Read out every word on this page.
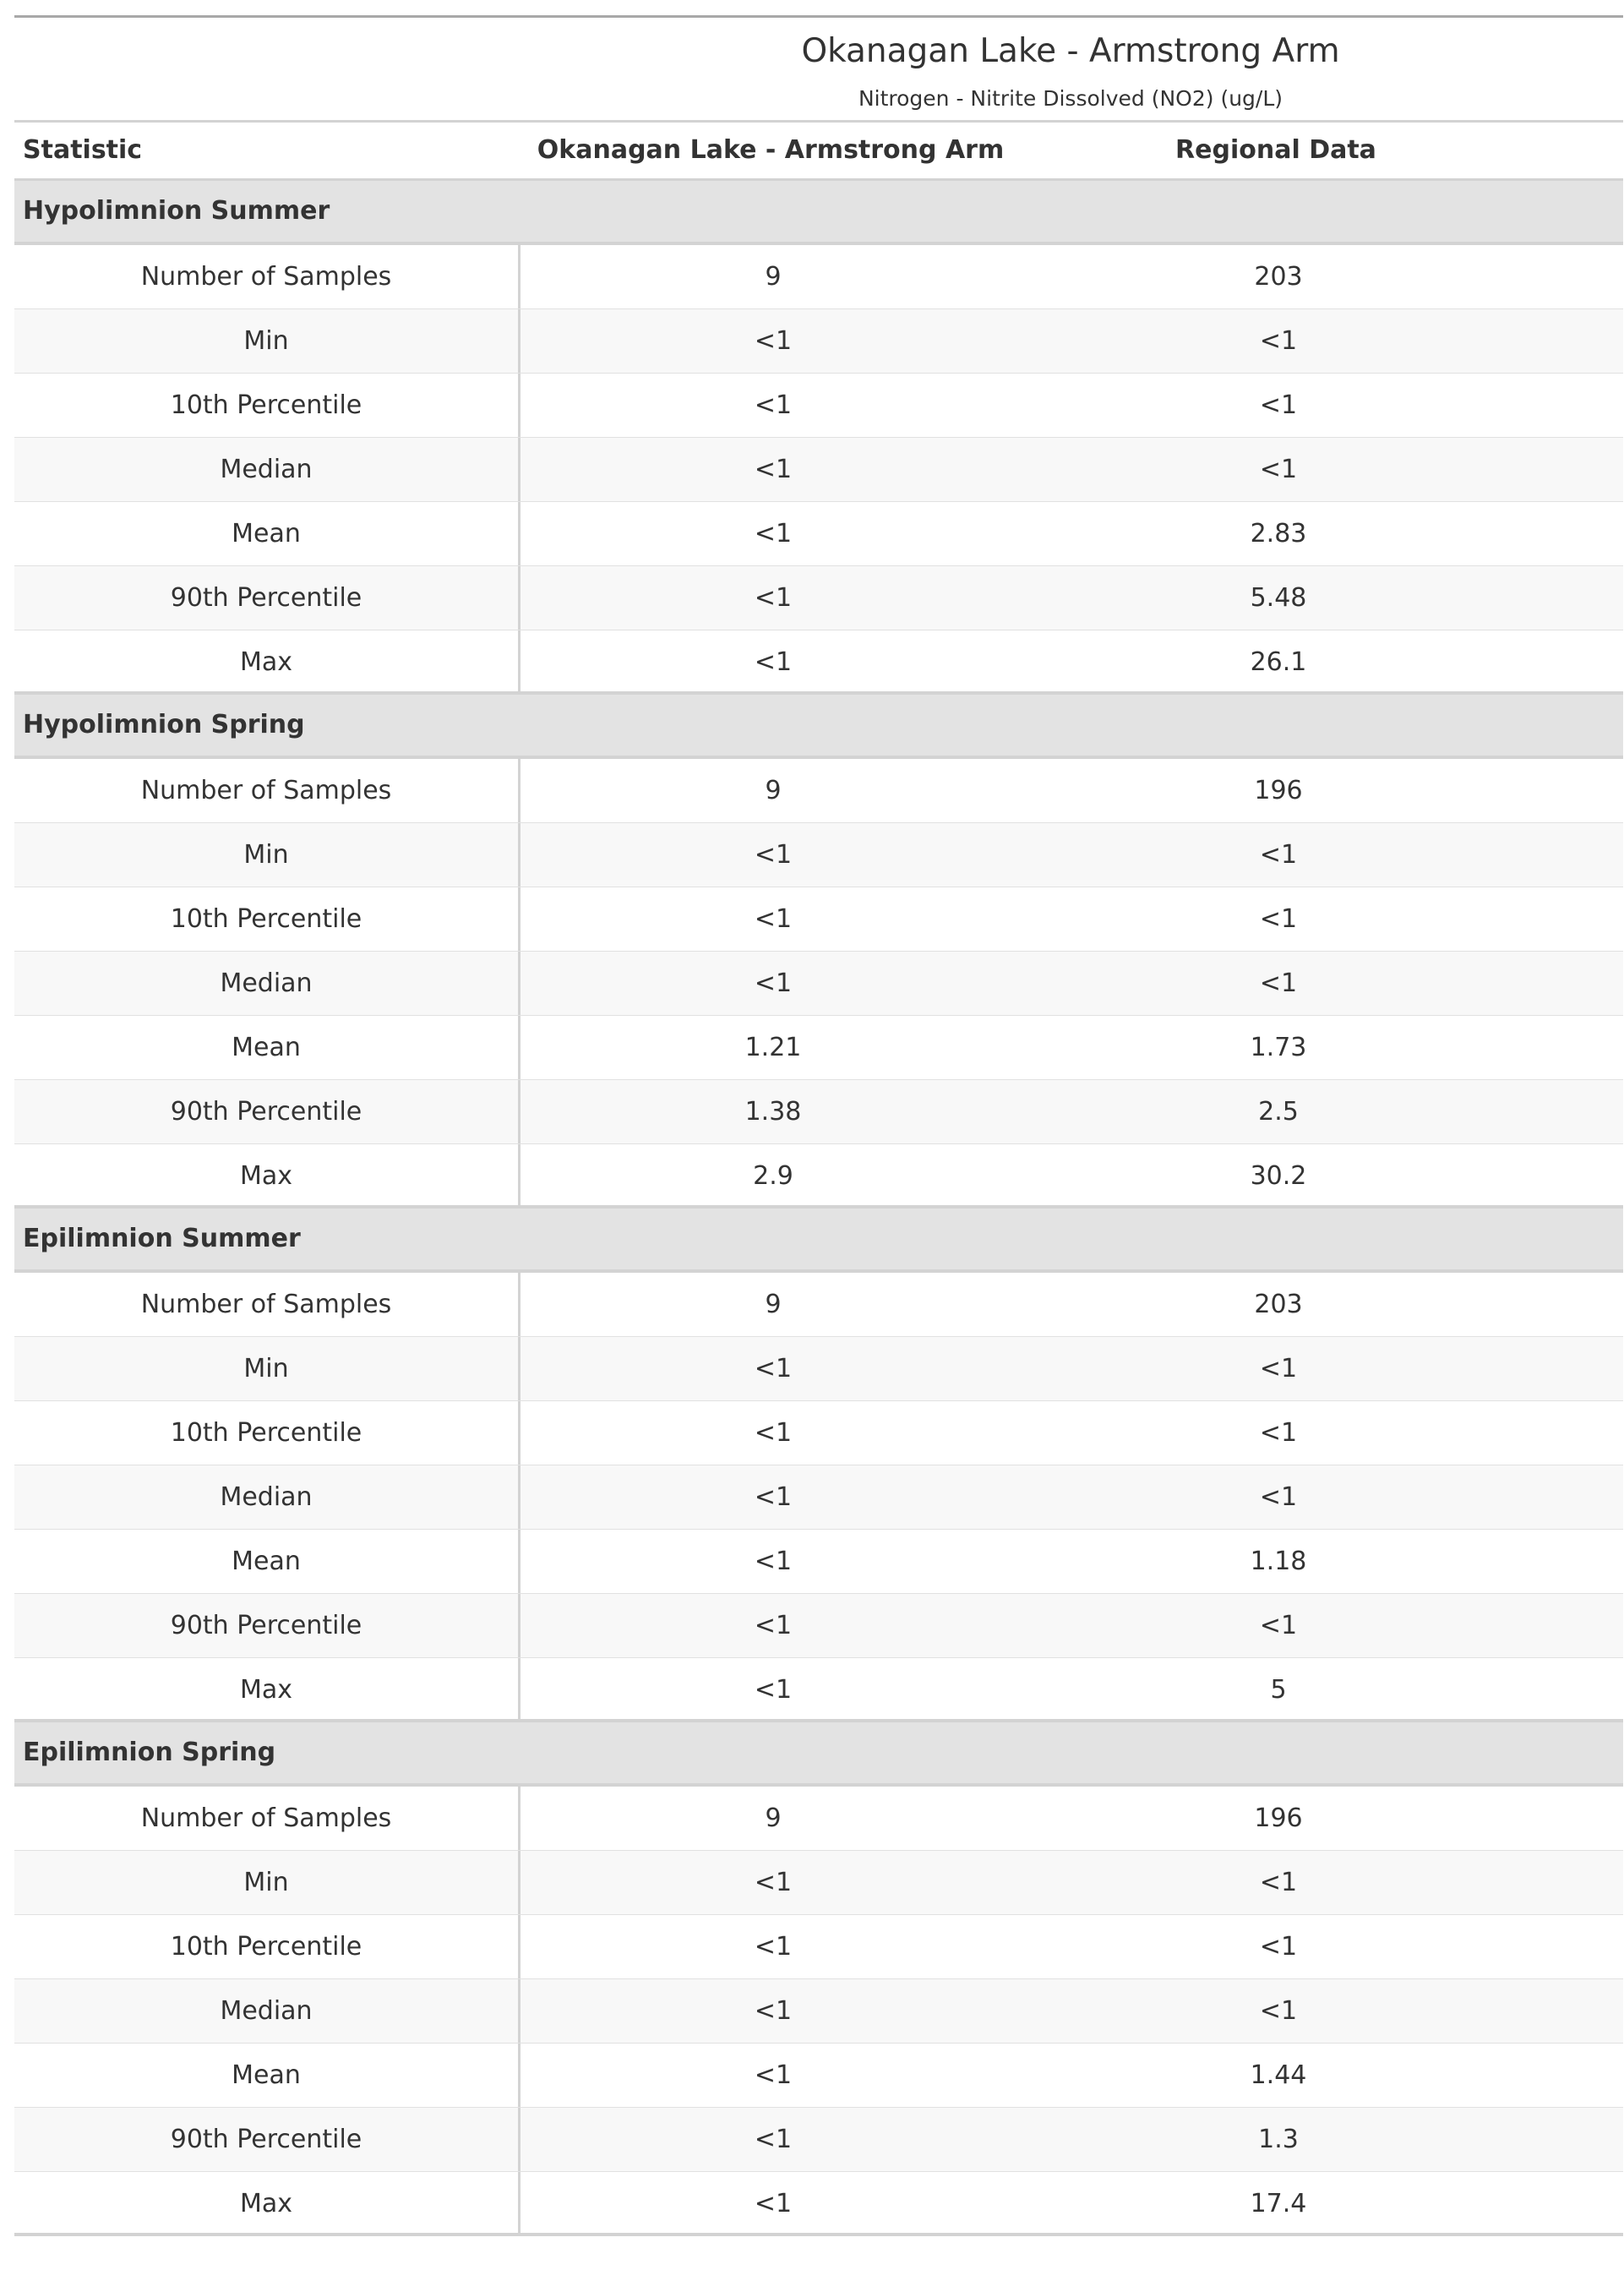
Okanagan Lake - Armstrong Arm
Nitrogen - Nitrite Dissolved (NO2) (ug/L)
Statistic	Okanagan Lake - Armstrong Arm	Regional Data
Hypolimnion Summer
Number of Samples	9	203
Min	<1	<1
10th Percentile	<1	<1
Median	<1	<1
Mean	<1	2.83
90th Percentile	<1	5.48
Max	<1	26.1
Hypolimnion Spring
Number of Samples	9	196
Min	<1	<1
10th Percentile	<1	<1
Median	<1	<1
Mean	1.21	1.73
90th Percentile	1.38	2.5
Max	2.9	30.2
Epilimnion Summer
Number of Samples	9	203
Min	<1	<1
10th Percentile	<1	<1
Median	<1	<1
Mean	<1	1.18
90th Percentile	<1	<1
Max	<1	5
Epilimnion Spring
Number of Samples	9	196
Min	<1	<1
10th Percentile	<1	<1
Median	<1	<1
Mean	<1	1.44
90th Percentile	<1	1.3
Max	<1	17.4
